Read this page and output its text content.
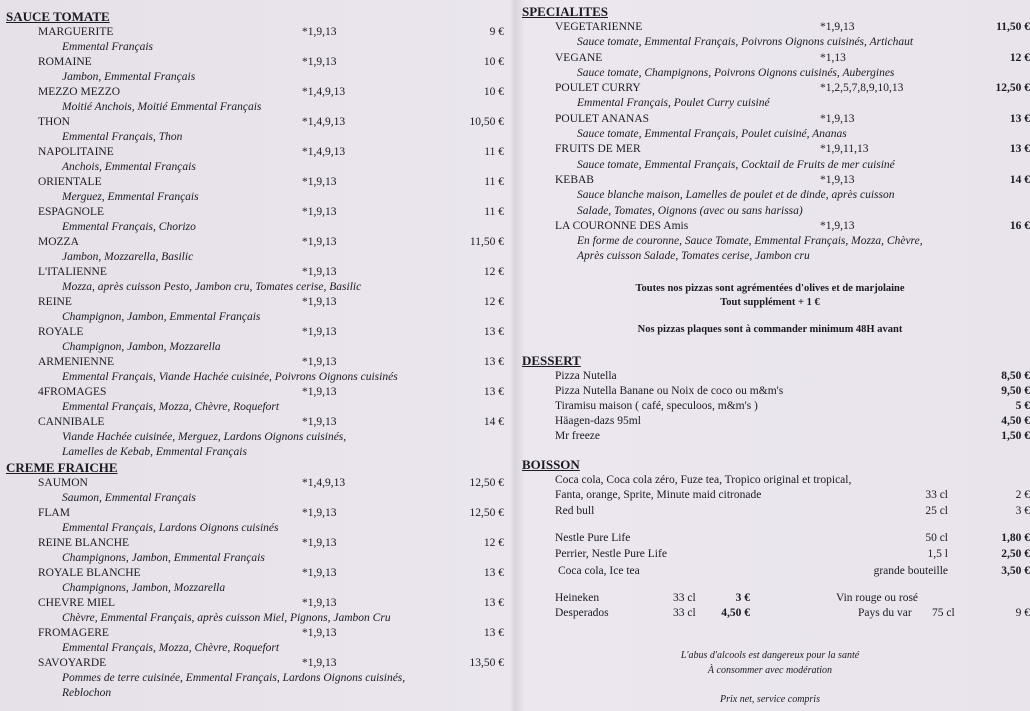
SAUCE TOMATE
MARGUERITE	*1,9,13	9 €
Emmental Français
ROMAINE	*1,9,13	10 €
Jambon, Emmental Français
MEZZO MEZZO	*1,4,9,13	10 €
Moitié Anchois, Moitié Emmental Français
THON	*1,4,9,13	10,50 €
Emmental Français, Thon
NAPOLITAINE	*1,4,9,13	11 €
Anchois, Emmental Français
ORIENTALE	*1,9,13	11 €
Merguez, Emmental Français
ESPAGNOLE	*1,9,13	11 €
Emmental Français, Chorizo
MOZZA	*1,9,13	11,50 €
Jambon, Mozzarella, Basilic
L'ITALIENNE	*1,9,13	12 €
Mozza, après cuisson Pesto, Jambon cru, Tomates cerise, Basilic
REINE	*1,9,13	12 €
Champignon, Jambon, Emmental Français
ROYALE	*1,9,13	13 €
Champignon, Jambon, Mozzarella
ARMENIENNE	*1,9,13	13 €
Emmental Français, Viande Hachée cuisinée, Poivrons Oignons cuisinés
4FROMAGES	*1,9,13	13 €
Emmental Français, Mozza, Chèvre, Roquefort
CANNIBALE	*1,9,13	14 €
Viande Hachée cuisinée, Merguez, Lardons Oignons cuisinés,
Lamelles de Kebab, Emmental Français
CREME FRAICHE
SAUMON	*1,4,9,13	12,50 €
Saumon, Emmental Français
FLAM	*1,9,13	12,50 €
Emmental Français, Lardons Oignons cuisinés
REINE BLANCHE	*1,9,13	12 €
Champignons, Jambon, Emmental Français
ROYALE BLANCHE	*1,9,13	13 €
Champignons, Jambon, Mozzarella
CHEVRE MIEL	*1,9,13	13 €
Chèvre, Emmental Français, après cuisson Miel, Pignons, Jambon Cru
FROMAGERE	*1,9,13	13 €
Emmental Français, Mozza, Chèvre, Roquefort
SAVOYARDE	*1,9,13	13,50 €
Pommes de terre cuisinée, Emmental Français, Lardons Oignons cuisinés,
Reblochon
SPECIALITES
VEGETARIENNE	*1,9,13	11,50 €
Sauce tomate, Emmental Français, Poivrons Oignons cuisinés, Artichaut
VEGANE	*1,13	12 €
Sauce tomate, Champignons, Poivrons Oignons cuisinés, Aubergines
POULET CURRY	*1,2,5,7,8,9,10,13	12,50 €
Emmental Français, Poulet Curry cuisiné
POULET ANANAS	*1,9,13	13 €
Sauce tomate, Emmental Français, Poulet cuisiné, Ananas
FRUITS DE MER	*1,9,11,13	13 €
Sauce tomate, Emmental Français, Cocktail de Fruits de mer cuisiné
KEBAB	*1,9,13	14 €
Sauce blanche maison, Lamelles de poulet et de dinde, après cuisson
Salade, Tomates, Oignons (avec ou sans harissa)
LA COURONNE DES Amis	*1,9,13	16 €
En forme de couronne, Sauce Tomate, Emmental Français, Mozza, Chèvre,
Après cuisson Salade, Tomates cerise, Jambon cru
Toutes nos pizzas sont agrémentées d'olives et de marjolaine
Tout supplément + 1 €
Nos pizzas plaques sont à commander minimum 48H avant
DESSERT
Pizza Nutella	8,50 €
Pizza Nutella Banane ou Noix de coco ou m&m's	9,50 €
Tiramisu maison ( café, speculoos, m&m's )	5 €
Häagen-dazs 95ml	4,50 €
Mr freeze	1,50 €
BOISSON
Coca cola, Coca cola zéro, Fuze tea, Tropico original et tropical,
Fanta, orange, Sprite, Minute maid citronade	33 cl	2 €
Red bull	25 cl	3 €
Nestle Pure Life	50 cl	1,80 €
Perrier, Nestle Pure Life	1,5 l	2,50 €
Coca cola, Ice tea	grande bouteille	3,50 €
Heineken	33 cl	3 €
Desperados	33 cl 4,50 €
Vin rouge ou rosé
Pays du var 75 cl	9 €
L'abus d'alcools est dangereux pour la santé
À consommer avec modération
Prix net, service compris
